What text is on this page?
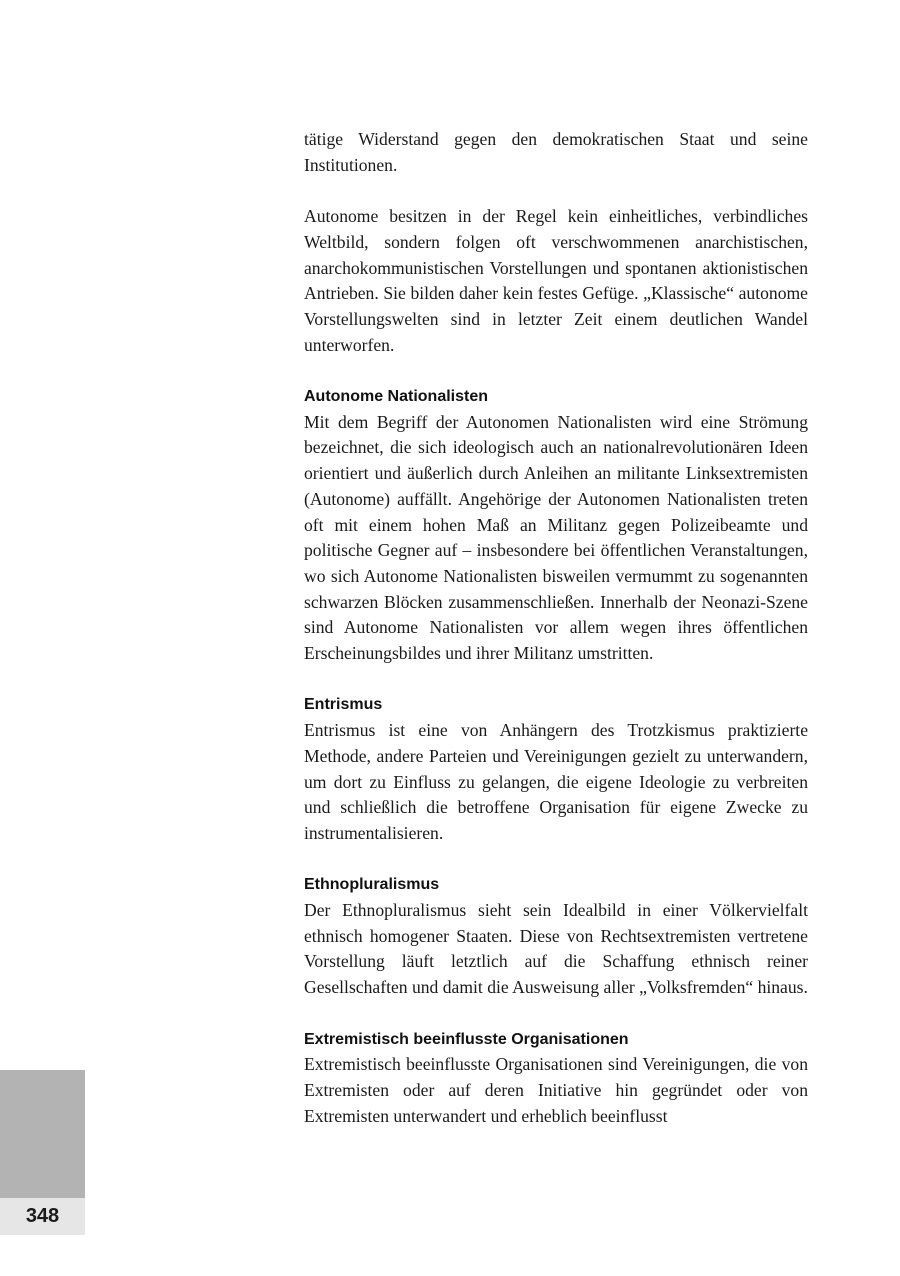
tätige Widerstand gegen den demokratischen Staat und seine Institutionen.

Autonome besitzen in der Regel kein einheitliches, verbindliches Weltbild, sondern folgen oft verschwommenen anarchistischen, anarchokommunistischen Vorstellungen und spontanen aktionistischen Antrieben. Sie bilden daher kein festes Gefüge. „Klassische“ autonome Vorstellungswelten sind in letzter Zeit einem deutlichen Wandel unterworfen.

Autonome Nationalisten

Mit dem Begriff der Autonomen Nationalisten wird eine Strömung bezeichnet, die sich ideologisch auch an nationalrevolutionären Ideen orientiert und äußerlich durch Anleihen an militante Linksextremisten (Autonome) auffällt. Angehörige der Autonomen Nationalisten treten oft mit einem hohen Maß an Militanz gegen Polizeibeamte und politische Gegner auf – insbesondere bei öffentlichen Veranstaltungen, wo sich Autonome Nationalisten bisweilen vermummt zu sogenannten schwarzen Blöcken zusammenschließen. Innerhalb der Neonazi-Szene sind Autonome Nationalisten vor allem wegen ihres öffentlichen Erscheinungsbildes und ihrer Militanz umstritten.

Entrismus

Entrismus ist eine von Anhängern des Trotzkismus praktizierte Methode, andere Parteien und Vereinigungen gezielt zu unterwandern, um dort zu Einfluss zu gelangen, die eigene Ideologie zu verbreiten und schließlich die betroffene Organisation für eigene Zwecke zu instrumentalisieren.

Ethnopluralismus

Der Ethnopluralismus sieht sein Idealbild in einer Völkervielfalt ethnisch homogener Staaten. Diese von Rechtsextremisten vertretene Vorstellung läuft letztlich auf die Schaffung ethnisch reiner Gesellschaften und damit die Ausweisung aller „Volksfremden“ hinaus.

Extremistisch beeinflusste Organisationen

Extremistisch beeinflusste Organisationen sind Vereinigungen, die von Extremisten oder auf deren Initiative hin gegründet oder von Extremisten unterwandert und erheblich beeinflusst

348
